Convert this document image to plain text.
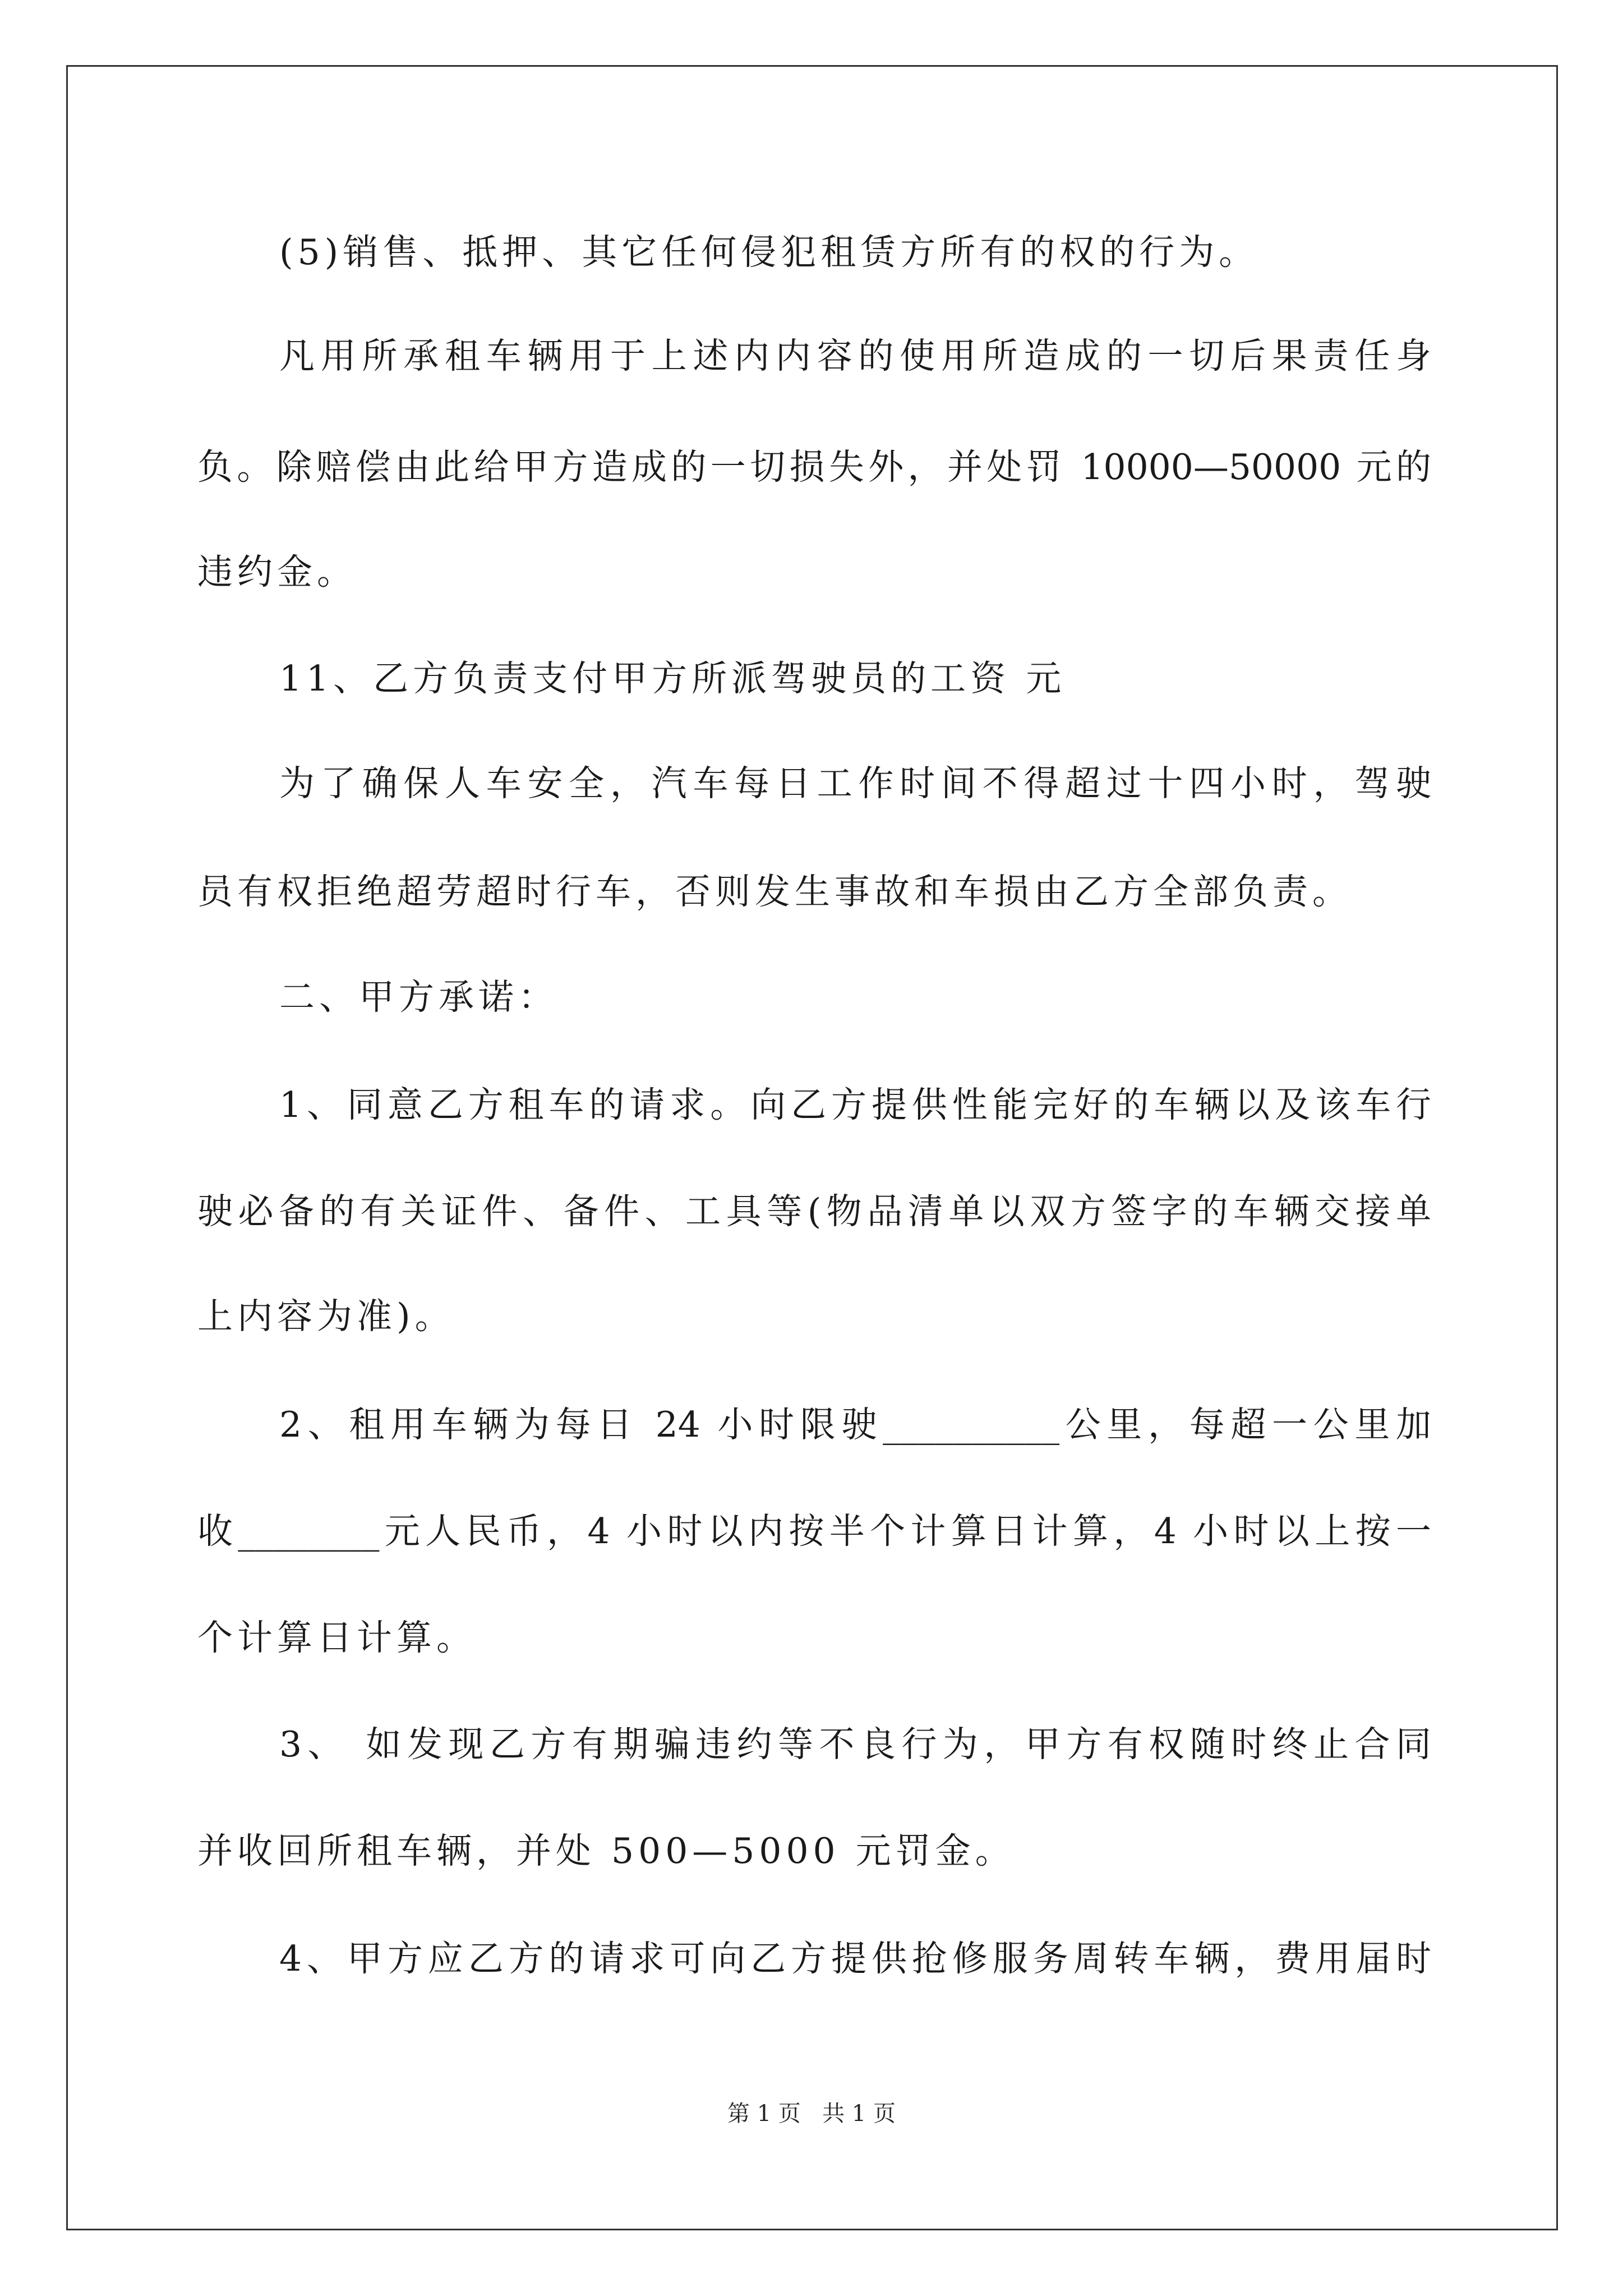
(5)销售、抵押、其它任何侵犯租赁方所有的权的行为。
凡用所承租车辆用于上述内内容的使用所造成的一切后果责任身
负。除赔偿由此给甲方造成的一切损失外，并处罚 10000—50000 元的
违约金。
11、乙方负责支付甲方所派驾驶员的工资 元
为了确保人车安全，汽车每日工作时间不得超过十四小时，驾驶
员有权拒绝超劳超时行车，否则发生事故和车损由乙方全部负责。
二、甲方承诺：
1、同意乙方租车的请求。向乙方提供性能完好的车辆以及该车行
驶必备的有关证件、备件、工具等(物品清单以双方签字的车辆交接单
上内容为准)。
2、租用车辆为每日 24 小时限驶__________公里，每超一公里加
收________元人民币，4 小时以内按半个计算日计算，4 小时以上按一
个计算日计算。
3、 如发现乙方有期骗违约等不良行为，甲方有权随时终止合同
并收回所租车辆，并处 500—5000 元罚金。
4、甲方应乙方的请求可向乙方提供抢修服务周转车辆，费用届时
第 1 页   共 1 页
